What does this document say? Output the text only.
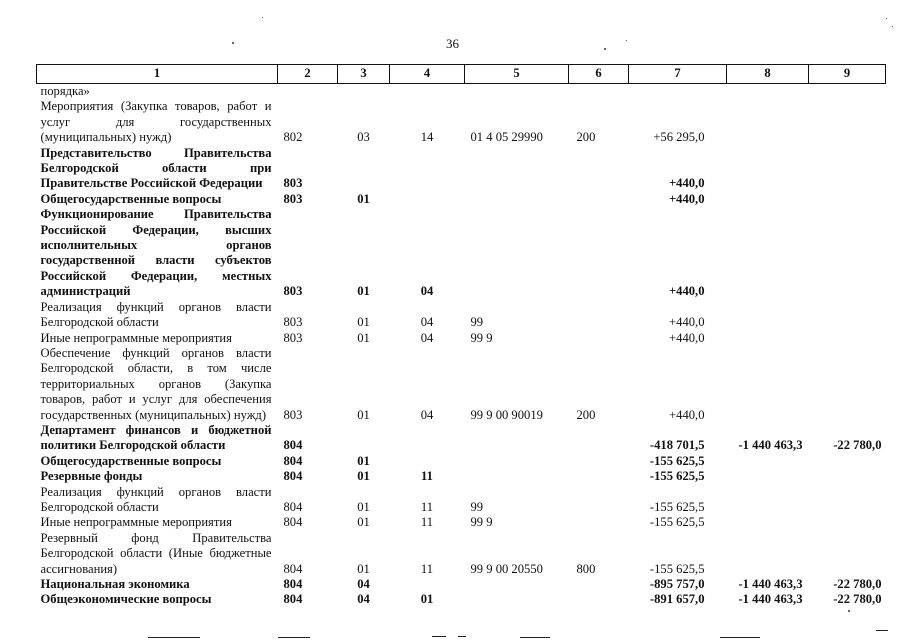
36
1	2	3	4	5	6	7	8	9
порядка»								
Мероприятия (Закупка товаров, работ и услуг для государственных (муниципальных) нужд)	802	03	14	01 4 05 29990	200	+56 295,0		
Представительство Правительства Белгородской области при Правительстве Российской Федерации	803					+440,0		
Общегосударственные вопросы	803	01				+440,0		
Функционирование Правительства Российской Федерации, высших исполнительных органов государственной власти субъектов Российской Федерации, местных администраций	803	01	04			+440,0		
Реализация функций органов власти Белгородской области	803	01	04	99		+440,0		
Иные непрограммные мероприятия	803	01	04	99 9		+440,0		
Обеспечение функций органов власти Белгородской области, в том числе территориальных органов (Закупка товаров, работ и услуг для обеспечения государственных (муниципальных) нужд)	803	01	04	99 9 00 90019	200	+440,0		
Департамент финансов и бюджетной политики Белгородской области	804					-418 701,5	-1 440 463,3	-22 780,0
Общегосударственные вопросы	804	01				-155 625,5		
Резервные фонды	804	01	11			-155 625,5		
Реализация функций органов власти Белгородской области	804	01	11	99		-155 625,5		
Иные непрограммные мероприятия	804	01	11	99 9		-155 625,5		
Резервный фонд Правительства Белгородской области (Иные бюджетные ассигнования)	804	01	11	99 9 00 20550	800	-155 625,5		
Национальная экономика	804	04				-895 757,0	-1 440 463,3	-22 780,0
Общеэкономические вопросы	804	04	01			-891 657,0	-1 440 463,3	-22 780,0
